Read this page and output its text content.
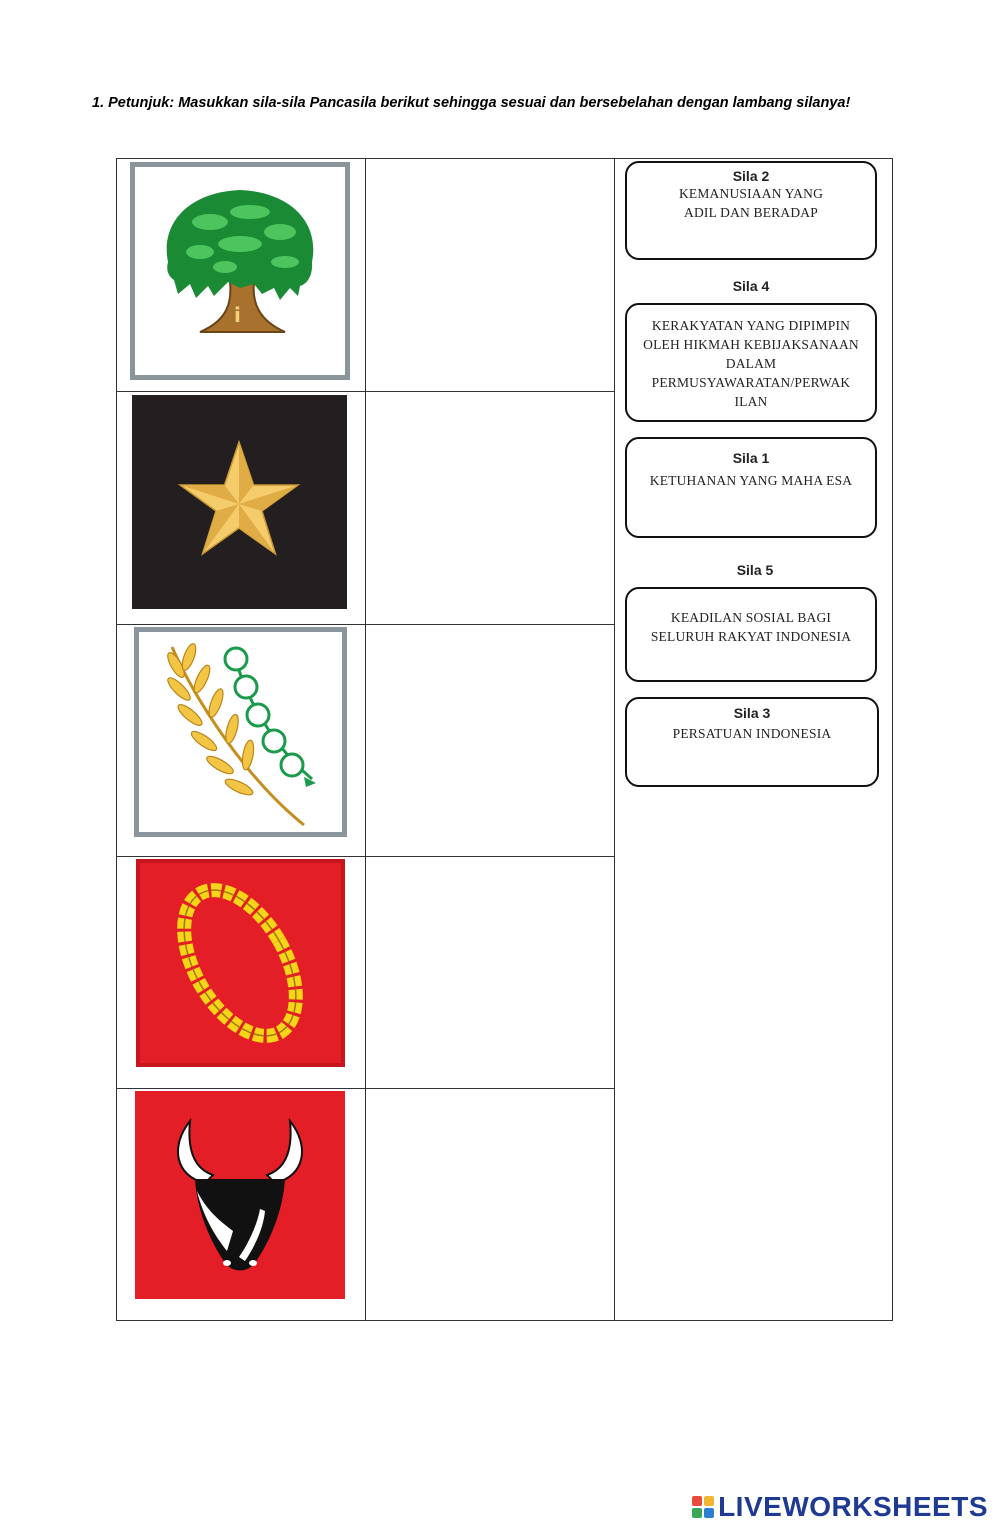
1. Petunjuk: Masukkan sila-sila Pancasila berikut sehingga sesuai dan bersebelahan dengan lambang silanya!
i
Sila 2
KEMANUSIAAN YANG ADIL DAN BERADAP
Sila 4
KERAKYATAN YANG DIPIMPIN OLEH HIKMAH KEBIJAKSANAAN DALAM PERMUSYAWARATAN/PERWAK ILAN
Sila 1
KETUHANAN YANG MAHA ESA
Sila 5
KEADILAN SOSIAL BAGI SELURUH RAKYAT INDONESIA
Sila 3
PERSATUAN INDONESIA
LIVEWORKSHEETS
